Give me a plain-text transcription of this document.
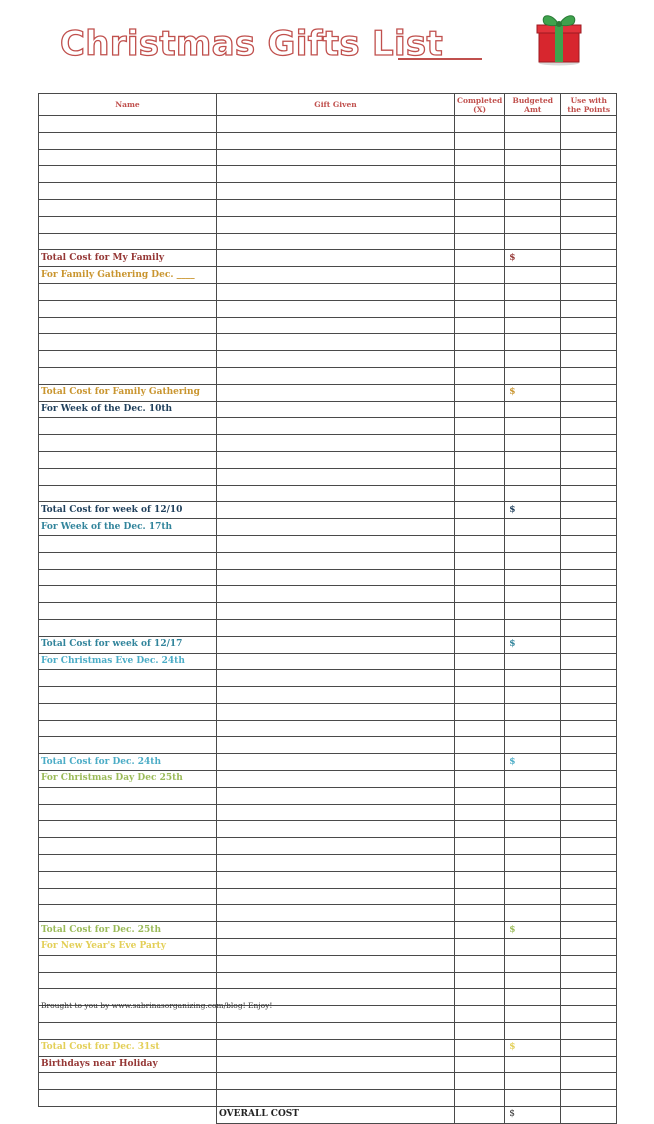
Christmas Gifts List
Name	Gift Given	Completed (X)	Budgeted Amt	Use with the Points

Total Cost for My Family			$	
For Family Gathering Dec. ____				

Total Cost for Family Gathering			$	
For Week of the Dec. 10th				

Total Cost for week of 12/10			$	
For Week of the Dec. 17th				

Total Cost for week of 12/17			$	
For Christmas Eve Dec. 24th				

Total Cost for Dec. 24th			$	
For Christmas Day Dec 25th				

Total Cost for Dec. 25th			$	
For New Year's Eve Party				

Total Cost for Dec. 31st			$	
Birthdays near Holiday				

	OVERALL COST		$	
Brought to you by www.sabrinasorganizing.com/blog! Enjoy!
